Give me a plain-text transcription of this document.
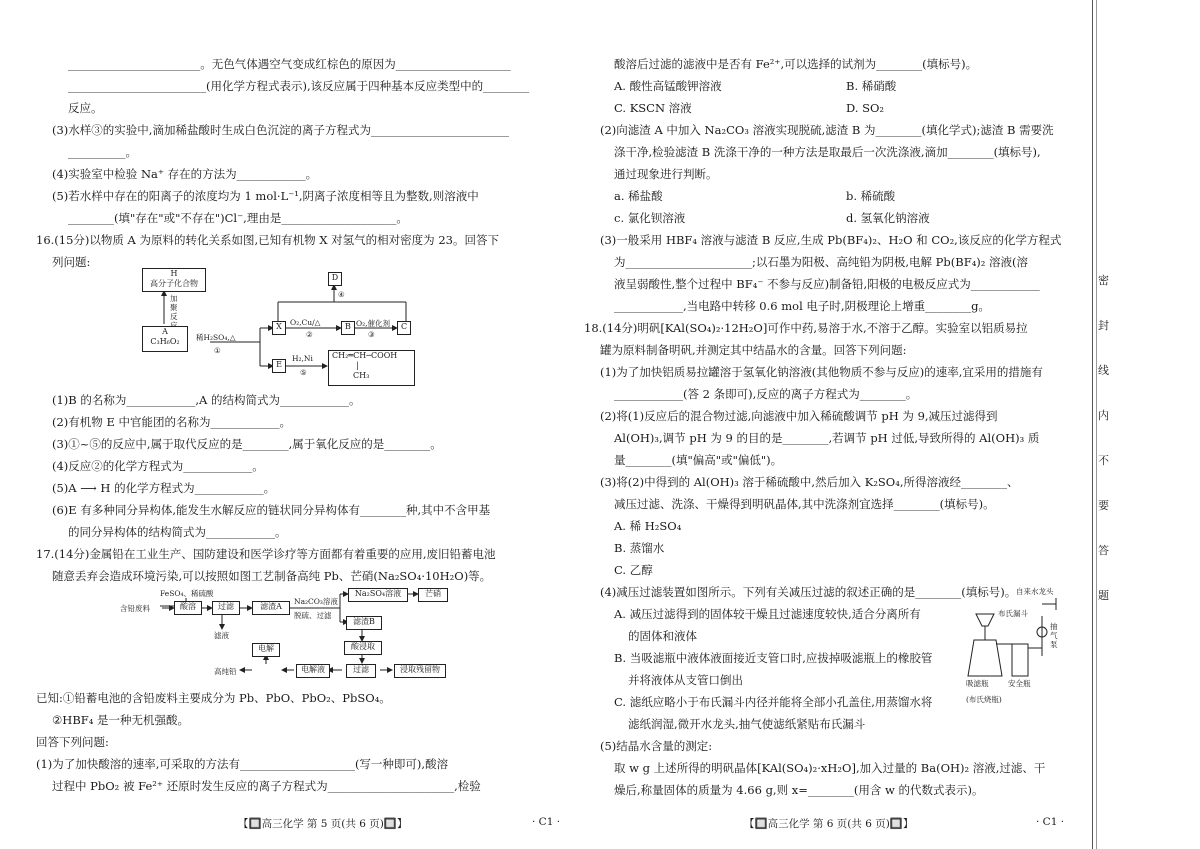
_______________________。无色气体遇空气变成红棕色的原因为____________________
________________________(用化学方程式表示),该反应属于四种基本反应类型中的________
反应。
(3)水样③的实验中,滴加稀盐酸时生成白色沉淀的离子方程式为________________________
__________。
(4)实验室中检验 Na⁺ 存在的方法为____________。
(5)若水样中存在的阳离子的浓度均为 1 mol·L⁻¹,阴离子浓度相等且为整数,则溶液中
________(填"存在"或"不存在")Cl⁻,理由是____________________。
16.(15分)以物质 A 为原料的转化关系如图,已知有机物 X 对氢气的相对密度为 23。回答下
列问题:
H
高分子化合物
加聚反
A
C₃H₆O₂	稀H₂SO₄,△
①
X	O₂,Cu/△
②
B O₂,催化剂
③
C
D
④
E
H₂,Ni
⑤
CH₂═CH─COOH
|
CH₃
(1)B 的名称为____________,A 的结构简式为____________。
(2)有机物 E 中官能团的名称为____________。
(3)①~⑤的反应中,属于取代反应的是________,属于氧化反应的是________。
(4)反应②的化学方程式为____________。
(5)A ⟶ H 的化学方程式为____________。
(6)E 有多种同分异构体,能发生水解反应的链状同分异构体有________种,其中不含甲基
的同分异构体的结构简式为____________。
17.(14分)金属铅在工业生产、国防建设和医学诊疗等方面都有着重要的应用,废旧铅蓄电池
随意丢弃会造成环境污染,可以按照如图工艺制备高纯 Pb、芒硝(Na₂SO₄·10H₂O)等。
FeSO₄、稀硫酸
含铅废料	酸溶	过滤
滤液
滤渣A
Na₂CO₃溶液
脱硫、过滤
Na₂SO₄溶液	芒硝
滤渣B
酸浸取
过滤	浸取残留物
电解液
电解
高纯铅
已知:①铅蓄电池的含铅废料主要成分为 Pb、PbO、PbO₂、PbSO₄。
②HBF₄ 是一种无机强酸。
回答下列问题:
(1)为了加快酸溶的速率,可采取的方法有____________________(写一种即可),酸溶
过程中 PbO₂ 被 Fe²⁺ 还原时发生反应的离子方程式为______________________,检验
【🔲高三化学 第 5 页(共 6 页)🔲】	· C1 ·
酸溶后过滤的滤液中是否有 Fe²⁺,可以选择的试剂为________(填标号)。
A. 酸性高锰酸钾溶液	B. 稀硝酸
C. KSCN 溶液	D. SO₂
(2)向滤渣 A 中加入 Na₂CO₃ 溶液实现脱硫,滤渣 B 为________(填化学式);滤渣 B 需要洗
涤干净,检验滤渣 B 洗涤干净的一种方法是取最后一次洗涤液,滴加________(填标号),
通过现象进行判断。
a. 稀盐酸	b. 稀硫酸
c. 氯化钡溶液	d. 氢氧化钠溶液
(3)一般采用 HBF₄ 溶液与滤渣 B 反应,生成 Pb(BF₄)₂、H₂O 和 CO₂,该反应的化学方程式
为______________________;以石墨为阳极、高纯铅为阴极,电解 Pb(BF₄)₂ 溶液(溶
液呈弱酸性,整个过程中 BF₄⁻ 不参与反应)制备铅,阳极的电极反应式为____________
____________,当电路中转移 0.6 mol 电子时,阴极理论上增重________g。
18.(14分)明矾[KAl(SO₄)₂·12H₂O]可作中药,易溶于水,不溶于乙醇。实验室以铝质易拉
罐为原料制备明矾,并测定其中结晶水的含量。回答下列问题:
(1)为了加快铝质易拉罐溶于氢氧化钠溶液(其他物质不参与反应)的速率,宜采用的措施有
____________(答 2 条即可),反应的离子方程式为________。
(2)将(1)反应后的混合物过滤,向滤液中加入稀硫酸调节 pH 为 9,减压过滤得到
Al(OH)₃,调节 pH 为 9 的目的是________,若调节 pH 过低,导致所得的 Al(OH)₃ 质
量________(填"偏高"或"偏低")。
(3)将(2)中得到的 Al(OH)₃ 溶于稀硫酸中,然后加入 K₂SO₄,所得溶液经________、
减压过滤、洗涤、干燥得到明矾晶体,其中洗涤剂宜选择________(填标号)。
A. 稀 H₂SO₄
B. 蒸馏水
C. 乙醇
(4)减压过滤装置如图所示。下列有关减压过滤的叙述正确的是________(填标号)。
A. 减压过滤得到的固体较干燥且过滤速度较快,适合分离所有
的固体和液体
B. 当吸滤瓶中液体液面接近支管口时,应拔掉吸滤瓶上的橡胶管
并将液体从支管口倒出
C. 滤纸应略小于布氏漏斗内径并能将全部小孔盖住,用蒸馏水将
滤纸润湿,微开水龙头,抽气使滤纸紧贴布氏漏斗
(5)结晶水含量的测定:
取 w g 上述所得的明矾晶体[KAl(SO₄)₂·xH₂O],加入过量的 Ba(OH)₂ 溶液,过滤、干
燥后,称量固体的质量为 4.66 g,则 x=________(用含 w 的代数式表示)。
【🔲高三化学 第 6 页(共 6 页)🔲】	· C1 ·
自来水龙头
布氏漏斗
抽气泵
吸滤瓶	安全瓶
(布氏烧瓶)
密
封
线
内
不
要
答
题
